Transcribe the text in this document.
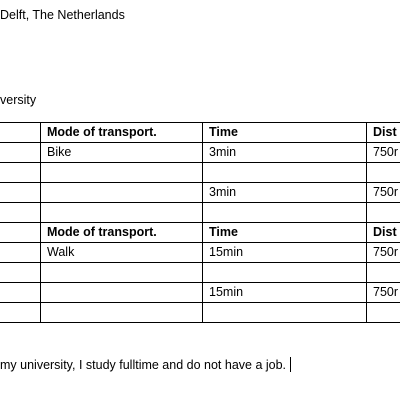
Delft, The Netherlands
versity
	Mode of transport.	Time	Dist
	Bike	3min	750r

		3min	750r

	Mode of transport.	Time	Dist
	Walk	15min	750r

		15min	750r

my university, I study fulltime and do not have a job.
